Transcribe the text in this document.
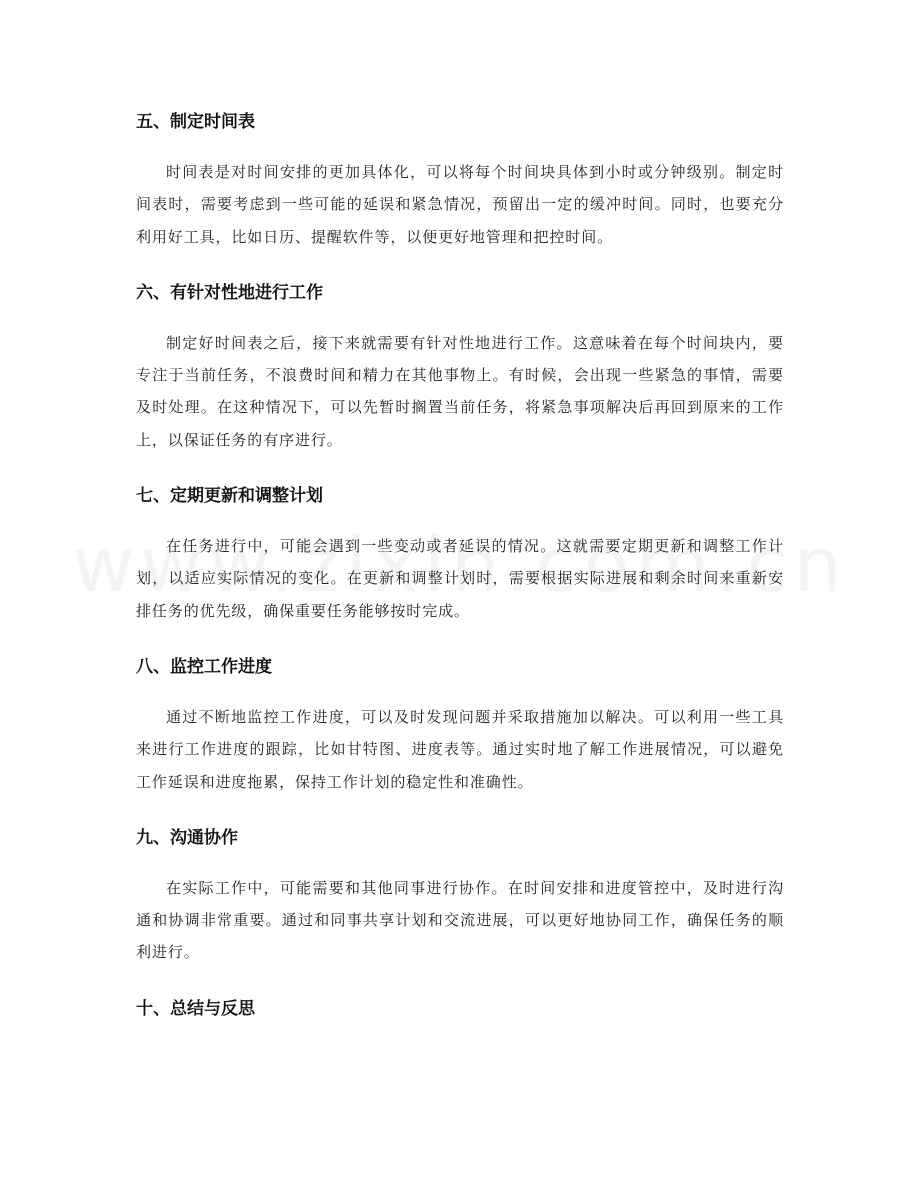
五、制定时间表

时间表是对时间安排的更加具体化，可以将每个时间块具体到小时或分钟级别。制定时间表时，需要考虑到一些可能的延误和紧急情况，预留出一定的缓冲时间。同时，也要充分利用好工具，比如日历、提醒软件等，以便更好地管理和把控时间。

六、有针对性地进行工作

制定好时间表之后，接下来就需要有针对性地进行工作。这意味着在每个时间块内，要专注于当前任务，不浪费时间和精力在其他事物上。有时候，会出现一些紧急的事情，需要及时处理。在这种情况下，可以先暂时搁置当前任务，将紧急事项解决后再回到原来的工作上，以保证任务的有序进行。

七、定期更新和调整计划

在任务进行中，可能会遇到一些变动或者延误的情况。这就需要定期更新和调整工作计划，以适应实际情况的变化。在更新和调整计划时，需要根据实际进展和剩余时间来重新安排任务的优先级，确保重要任务能够按时完成。

八、监控工作进度

通过不断地监控工作进度，可以及时发现问题并采取措施加以解决。可以利用一些工具来进行工作进度的跟踪，比如甘特图、进度表等。通过实时地了解工作进展情况，可以避免工作延误和进度拖累，保持工作计划的稳定性和准确性。

九、沟通协作

在实际工作中，可能需要和其他同事进行协作。在时间安排和进度管控中，及时进行沟通和协调非常重要。通过和同事共享计划和交流进展，可以更好地协同工作，确保任务的顺利进行。

十、总结与反思
